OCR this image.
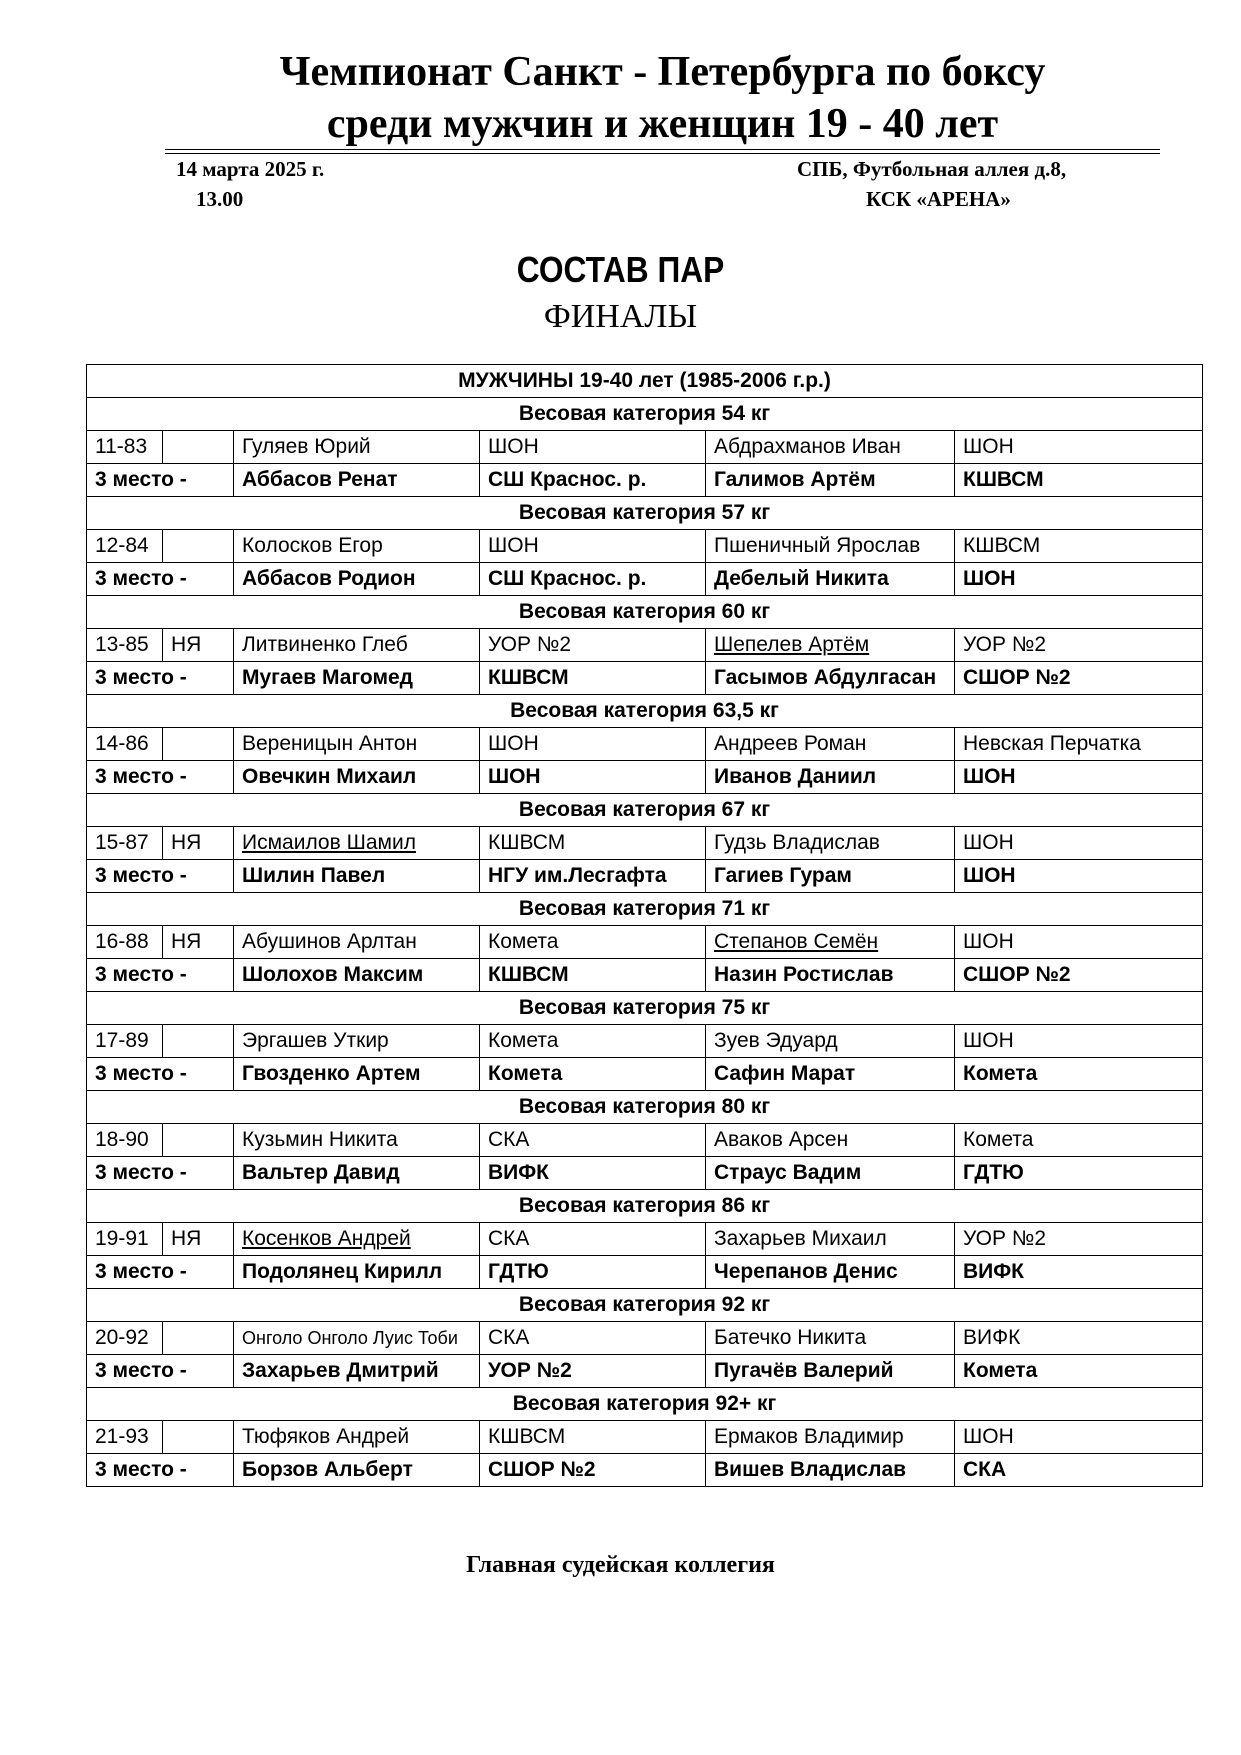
Чемпионат Санкт - Петербурга по боксу
среди мужчин и женщин 19 - 40 лет

14 марта 2025 г.

13.00

СПБ, Футбольная аллея д.8,

КСК «АРЕНА»

СОСТАВ ПАР
ФИНАЛЫ
МУЖЧИНЫ 19-40 лет (1985-2006 г.р.)					
Весовая категория 54 кг					
11-83		Гуляев Юрий	ШОН	Абдрахманов Иван	ШОН
3 место -		Аббасов Ренат	СШ Краснос. р.	Галимов Артём	КШВСМ
Весовая категория 57 кг					
12-84		Колосков Егор	ШОН	Пшеничный Ярослав	КШВСМ
3 место -		Аббасов Родион	СШ Краснос. р.	Дебелый Никита	ШОН
Весовая категория 60 кг					
13-85	НЯ	Литвиненко Глеб	УОР №2	Шепелев Артём	УОР №2
3 место -		Мугаев Магомед	КШВСМ	Гасымов Абдулгасан	СШОР №2
Весовая категория 63,5 кг					
14-86		Вереницын Антон	ШОН	Андреев Роман	Невская Перчатка
3 место -		Овечкин Михаил	ШОН	Иванов Даниил	ШОН
Весовая категория 67 кг					
15-87	НЯ	Исмаилов Шамил	КШВСМ	Гудзь Владислав	ШОН
3 место -		Шилин Павел	НГУ им.Лесгафта	Гагиев Гурам	ШОН
Весовая категория 71 кг					
16-88	НЯ	Абушинов Арлтан	Комета	Степанов Семён	ШОН
3 место -		Шолохов Максим	КШВСМ	Назин Ростислав	СШОР №2
Весовая категория 75 кг					
17-89		Эргашев Уткир	Комета	Зуев Эдуард	ШОН
3 место -		Гвозденко Артем	Комета	Сафин Марат	Комета
Весовая категория 80 кг					
18-90		Кузьмин Никита	СКА	Аваков Арсен	Комета
3 место -		Вальтер Давид	ВИФК	Страус Вадим	ГДТЮ
Весовая категория 86 кг					
19-91	НЯ	Косенков Андрей	СКА	Захарьев Михаил	УОР №2
3 место -		Подолянец Кирилл	ГДТЮ	Черепанов Денис	ВИФК
Весовая категория 92 кг					
20-92		Онголо Онголо Луис Тоби	СКА	Батечко Никита	ВИФК
3 место -		Захарьев Дмитрий	УОР №2	Пугачёв Валерий	Комета
Весовая категория 92+ кг					
21-93		Тюфяков Андрей	КШВСМ	Ермаков Владимир	ШОН
3 место -		Борзов Альберт	СШОР №2	Вишев Владислав	СКА

Главная судейская коллегия
